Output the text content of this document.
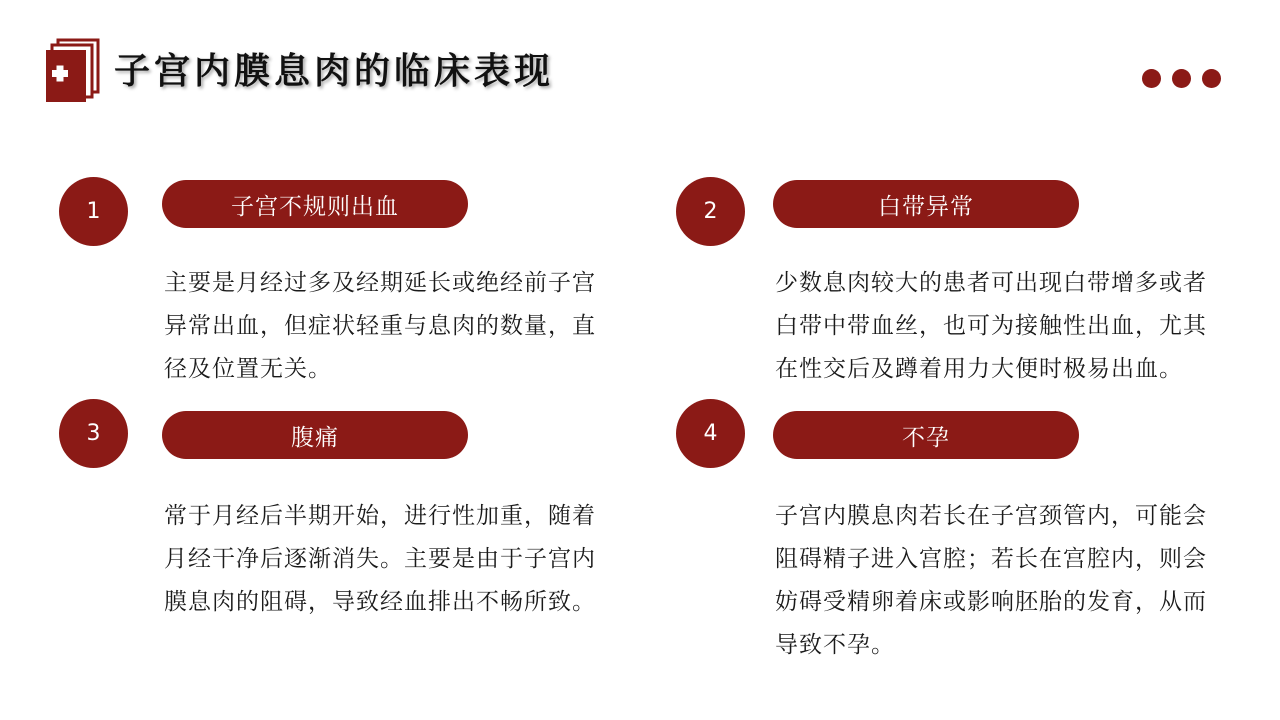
子宫内膜息肉的临床表现
1	子宫不规则出血
主要是月经过多及经期延长或绝经前子宫异常出血，但症状轻重与息肉的数量，直径及位置无关。
2	白带异常
少数息肉较大的患者可出现白带增多或者白带中带血丝，也可为接触性出血，尤其在性交后及蹲着用力大便时极易出血。
3	腹痛
常于月经后半期开始，进行性加重，随着月经干净后逐渐消失。主要是由于子宫内膜息肉的阻碍，导致经血排出不畅所致。
4	不孕
子宫内膜息肉若长在子宫颈管内，可能会阻碍精子进入宫腔；若长在宫腔内，则会妨碍受精卵着床或影响胚胎的发育，从而导致不孕。
